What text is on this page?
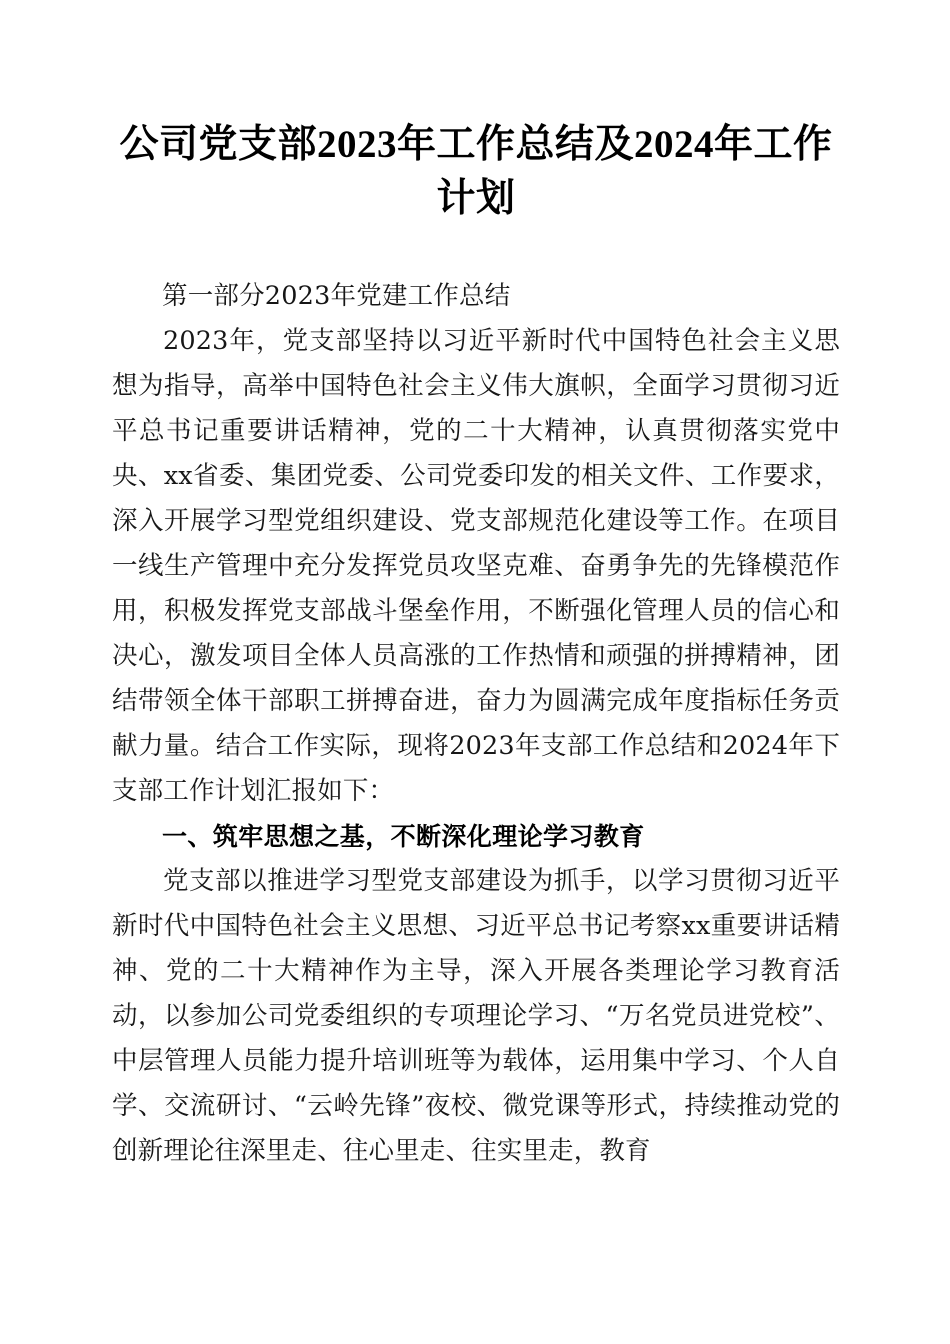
公司党支部2023年工作总结及2024年工作计划

第一部分2023年党建工作总结

2023年，党支部坚持以习近平新时代中国特色社会主义思想为指导，高举中国特色社会主义伟大旗帜，全面学习贯彻习近平总书记重要讲话精神，党的二十大精神，认真贯彻落实党中央、xx省委、集团党委、公司党委印发的相关文件、工作要求，深入开展学习型党组织建设、党支部规范化建设等工作。在项目一线生产管理中充分发挥党员攻坚克难、奋勇争先的先锋模范作用，积极发挥党支部战斗堡垒作用，不断强化管理人员的信心和决心，激发项目全体人员高涨的工作热情和顽强的拼搏精神，团结带领全体干部职工拼搏奋进，奋力为圆满完成年度指标任务贡献力量。结合工作实际，现将2023年支部工作总结和2024年下支部工作计划汇报如下：

一、筑牢思想之基，不断深化理论学习教育

党支部以推进学习型党支部建设为抓手，以学习贯彻习近平新时代中国特色社会主义思想、习近平总书记考察xx重要讲话精神、党的二十大精神作为主导，深入开展各类理论学习教育活动，以参加公司党委组织的专项理论学习、“万名党员进党校”、中层管理人员能力提升培训班等为载体，运用集中学习、个人自学、交流研讨、“云岭先锋”夜校、微党课等形式，持续推动党的创新理论往深里走、往心里走、往实里走，教育
